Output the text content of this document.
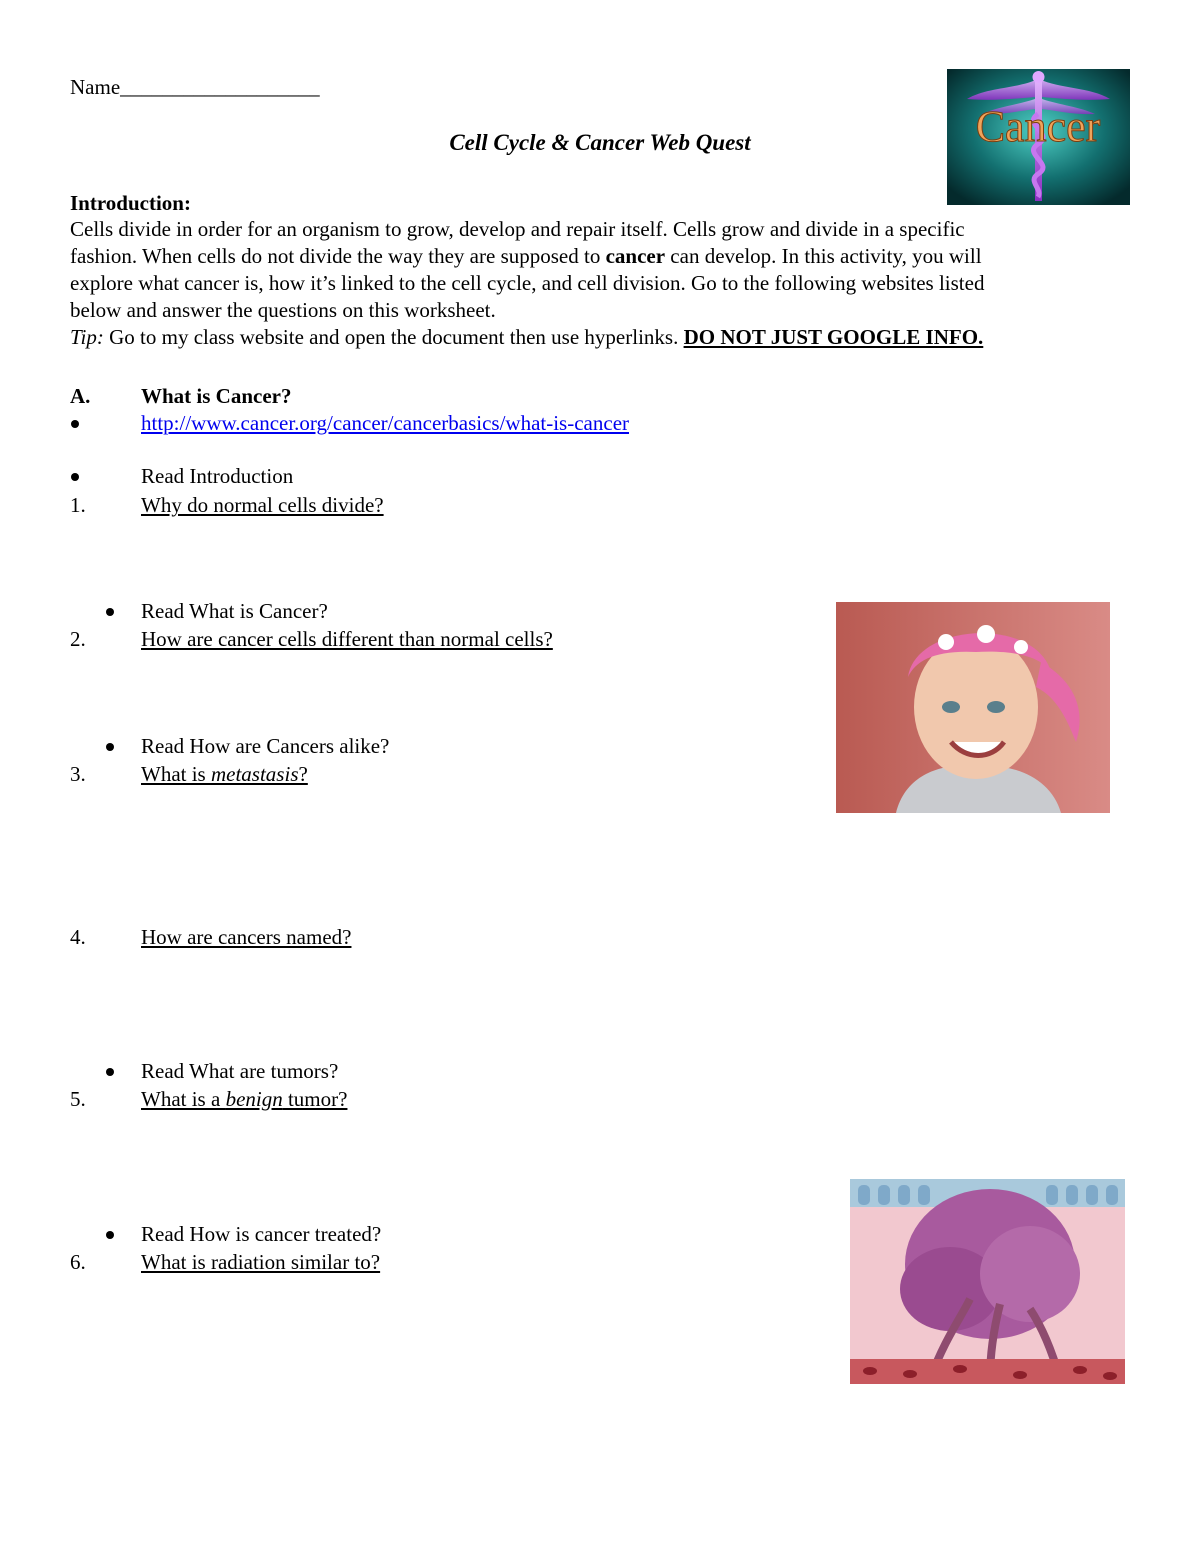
Name___________________
Cell Cycle & Cancer Web Quest	Cancer
Introduction:
Cells divide in order for an organism to grow, develop and repair itself. Cells grow and divide in a specific
fashion. When cells do not divide the way they are supposed to cancer can develop. In this activity, you will
explore what cancer is, how it’s linked to the cell cycle, and cell division. Go to the following websites listed
below and answer the questions on this worksheet.
Tip: Go to my class website and open the document then use hyperlinks. DO NOT JUST GOOGLE INFO.
A. What is Cancer?
http://www.cancer.org/cancer/cancerbasics/what-is-cancer
Read Introduction
1.	Why do normal cells divide?
Read What is Cancer?
2.	How are cancer cells different than normal cells?
Read How are Cancers alike?
3.	What is metastasis?
4.	How are cancers named?
Read What are tumors?
5.	What is a benign tumor?
Read How is cancer treated?
6.	What is radiation similar to?
